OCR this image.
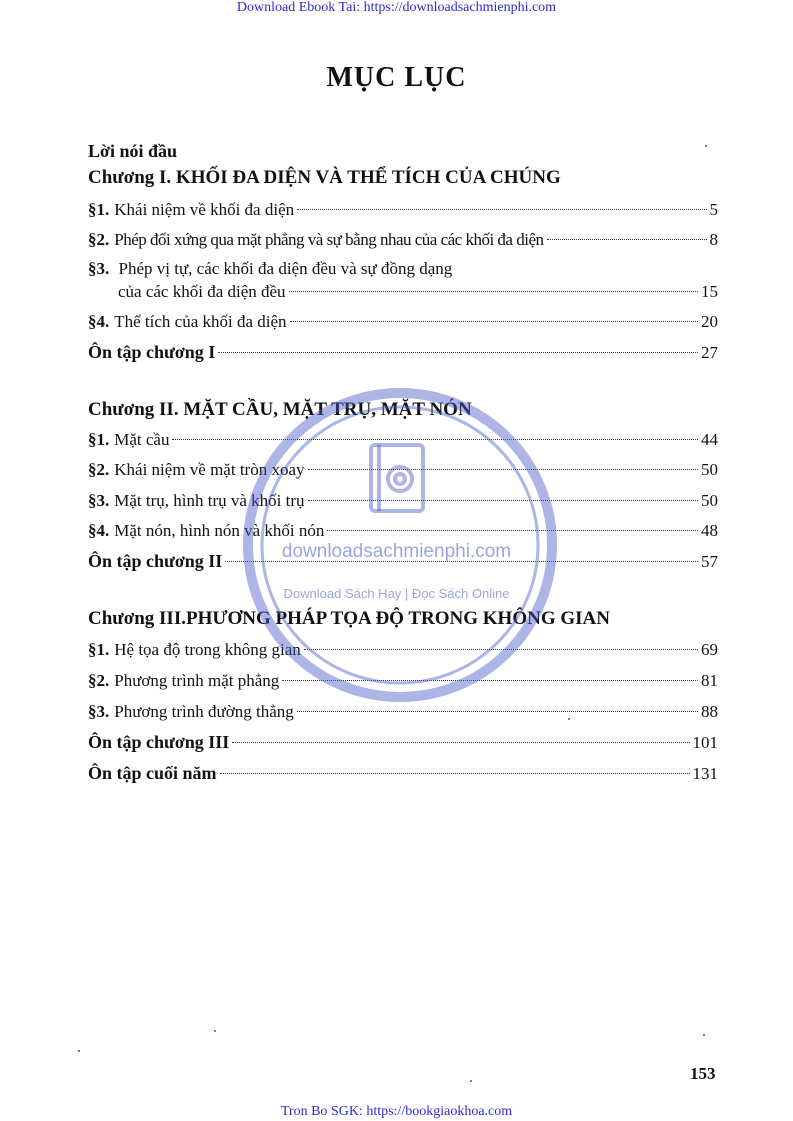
Download Ebook Tai: https://downloadsachmienphi.com
MỤC LỤC
Lời nói đầu
Chương I. KHỐI ĐA DIỆN VÀ THỂ TÍCH CỦA CHÚNG
§1. Khái niệm về khối đa diện	5
§2. Phép đối xứng qua mặt phẳng và sự bằng nhau của các khối đa diện	8
§3. Phép vị tự, các khối đa diện đều và sự đồng dạng
của các khối đa diện đều	15
§4. Thể tích của khối đa diện	20
Ôn tập chương I	27
Chương II. MẶT CẦU, MẶT TRỤ, MẶT NÓN
§1. Mặt cầu	44
§2. Khái niệm về mặt tròn xoay	50
§3. Mặt trụ, hình trụ và khối trụ	50
§4. Mặt nón, hình nón và khối nón	48
Ôn tập chương II	57
Chương III.PHƯƠNG PHÁP TỌA ĐỘ TRONG KHÔNG GIAN
§1. Hệ tọa độ trong không gian	69
§2. Phương trình mặt phẳng	81
§3. Phương trình đường thẳng	88
Ôn tập chương III	101
Ôn tập cuối năm	131
downloadsachmienphi.com
Download Sách Hay | Đọc Sách Online
153
Tron Bo SGK: https://bookgiaokhoa.com
